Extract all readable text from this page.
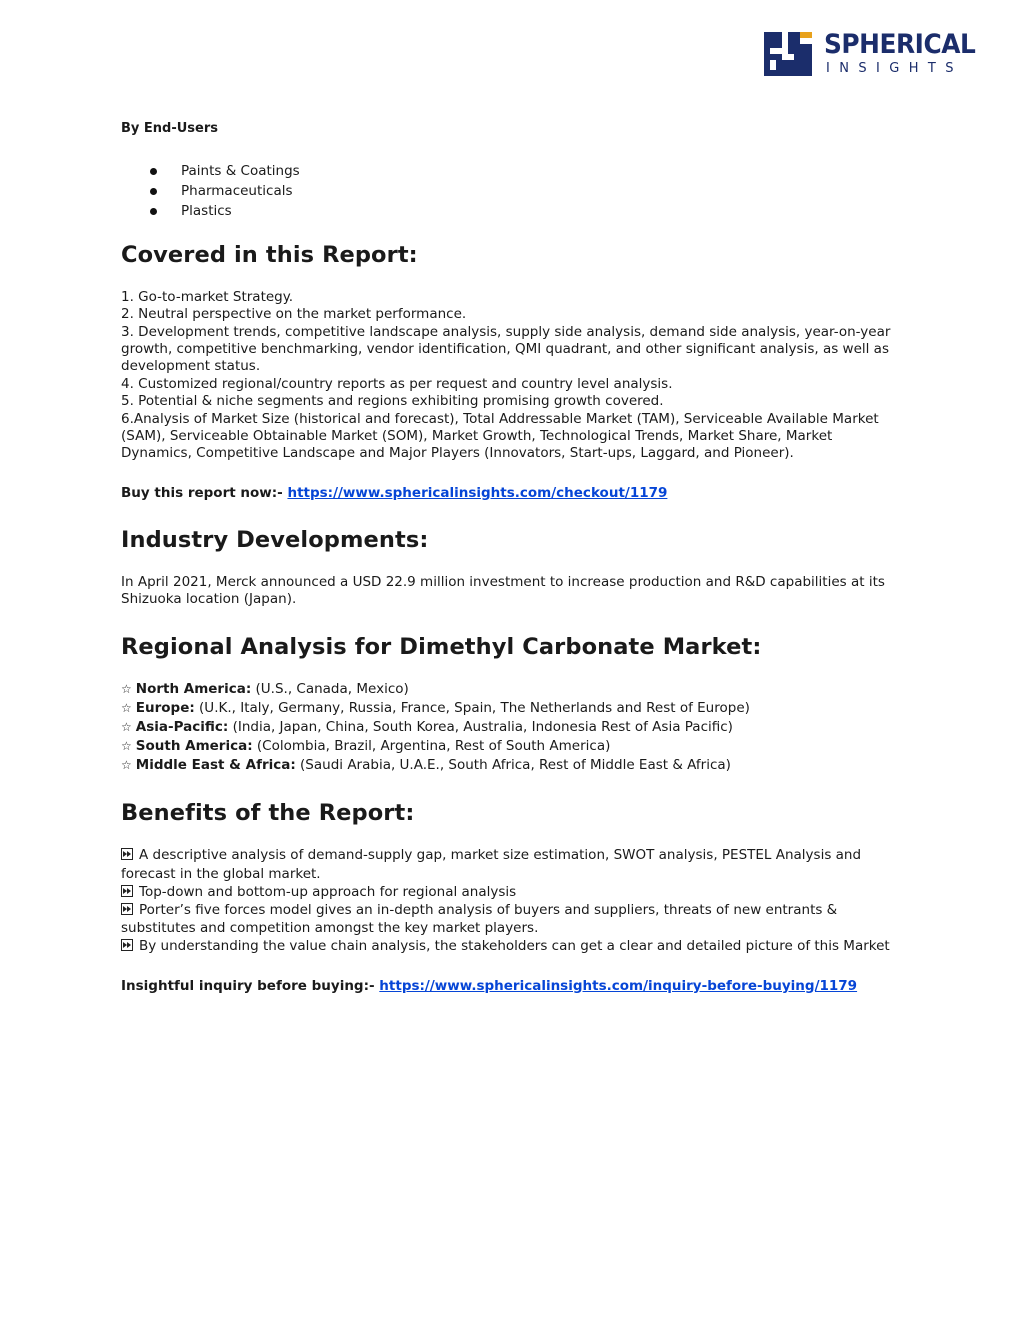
SPHERICAL
INSIGHTS

By End-Users

Paints & Coatings
Pharmaceuticals
Plastics
Covered in this Report:

1. Go-to-market Strategy.

2. Neutral perspective on the market performance.

3. Development trends, competitive landscape analysis, supply side analysis, demand side analysis, year-on-year growth, competitive benchmarking, vendor identification, QMI quadrant, and other significant analysis, as well as development status.

4. Customized regional/country reports as per request and country level analysis.

5. Potential & niche segments and regions exhibiting promising growth covered.

6.Analysis of Market Size (historical and forecast), Total Addressable Market (TAM), Serviceable Available Market (SAM), Serviceable Obtainable Market (SOM), Market Growth, Technological Trends, Market Share, Market Dynamics, Competitive Landscape and Major Players (Innovators, Start-ups, Laggard, and Pioneer).

Buy this report now:- https://www.sphericalinsights.com/checkout/1179
Industry Developments:

In April 2021, Merck announced a USD 22.9 million investment to increase production and R&D capabilities at its Shizuoka location (Japan).

Regional Analysis for Dimethyl Carbonate Market:
☆ North America: (U.S., Canada, Mexico)
☆ Europe: (U.K., Italy, Germany, Russia, France, Spain, The Netherlands and Rest of Europe)
☆ Asia-Pacific: (India, Japan, China, South Korea, Australia, Indonesia Rest of Asia Pacific)
☆ South America: (Colombia, Brazil, Argentina, Rest of South America)
☆ Middle East & Africa: (Saudi Arabia, U.A.E., South Africa, Rest of Middle East & Africa)
Benefits of the Report:
A descriptive analysis of demand-supply gap, market size estimation, SWOT analysis, PESTEL Analysis and forecast in the global market.
Top-down and bottom-up approach for regional analysis
Porter’s five forces model gives an in-depth analysis of buyers and suppliers, threats of new entrants & substitutes and competition amongst the key market players.
By understanding the value chain analysis, the stakeholders can get a clear and detailed picture of this Market
Insightful inquiry before buying:- https://www.sphericalinsights.com/inquiry-before-buying/1179
